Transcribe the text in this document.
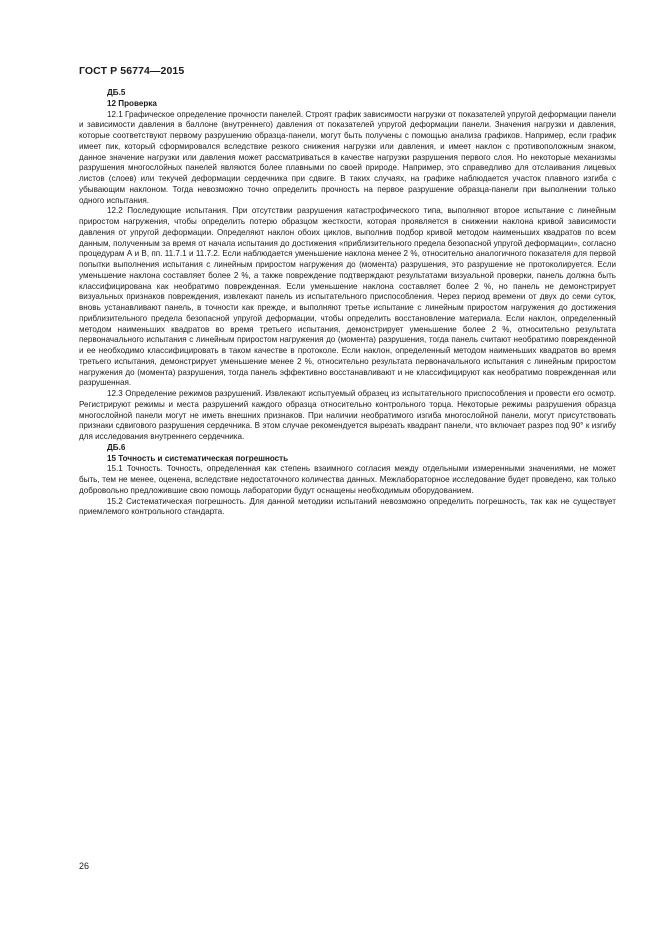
ГОСТ Р 56774—2015
ДБ.5
12 Проверка

12.1 Графическое определение прочности панелей. Строят график зависимости нагрузки от показателей упругой деформации панели и зависимости давления в баллоне (внутреннего) давления от показателей упругой деформации панели. Значения нагрузки и давления, которые соответствуют первому разрушению образца-панели, могут быть получены с помощью анализа графиков. Например, если график имеет пик, который сформировался вследствие резкого снижения нагрузки или давления, и имеет наклон с противоположным знаком, данное значение нагрузки или давления может рассматриваться в качестве нагрузки разрушения первого слоя. Но некоторые механизмы разрушения многослойных панелей являются более плавными по своей природе. Например, это справедливо для отслаивания лицевых листов (слоев) или текучей деформации сердечника при сдвиге. В таких случаях, на графике наблюдается участок плавного изгиба с убывающим наклоном. Тогда невозможно точно определить прочность на первое разрушение образца-панели при выполнении только одного испытания.

12.2 Последующие испытания. При отсутствии разрушения катастрофического типа, выполняют второе испытание с линейным приростом нагружения, чтобы определить потерю образцом жесткости, которая проявляется в снижении наклона кривой зависимости давления от упругой деформации. Определяют наклон обоих циклов, выполнив подбор кривой методом наименьших квадратов по всем данным, полученным за время от начала испытания до достижения «приблизительного предела безопасной упругой деформации», согласно процедурам А и В, пп. 11.7.1 и 11.7.2. Если наблюдается уменьшение наклона менее 2 %, относительно аналогичного показателя для первой попытки выполнения испытания с линейным приростом нагружения до (момента) разрушения, это разрушение не протоколируется. Если уменьшение наклона составляет более 2 %, а также повреждение подтверждают результатами визуальной проверки, панель должна быть классифицирована как необратимо поврежденная. Если уменьшение наклона составляет более 2 %, но панель не демонстрирует визуальных признаков повреждения, извлекают панель из испытательного приспособления. Через период времени от двух до семи суток, вновь устанавливают панель, в точности как прежде, и выполняют третье испытание с линейным приростом нагружения до достижения приблизительного предела безопасной упругой деформации, чтобы определить восстановление материала. Если наклон, определенный методом наименьших квадратов во время третьего испытания, демонстрирует уменьшение более 2 %, относительно результата первоначального испытания с линейным приростом нагружения до (момента) разрушения, тогда панель считают необратимо поврежденной и ее необходимо классифицировать в таком качестве в протоколе. Если наклон, определенный методом наименьших квадратов во время третьего испытания, демонстрирует уменьшение менее 2 %, относительно результата первоначального испытания с линейным приростом нагружения до (момента) разрушения, тогда панель эффективно восстанавливают и не классифицируют как необратимо поврежденная или разрушенная.

12.3 Определение режимов разрушений. Извлекают испытуемый образец из испытательного приспособления и провести его осмотр. Регистрируют режимы и места разрушений каждого образца относительно контрольного торца. Некоторые режимы разрушения образца многослойной панели могут не иметь внешних признаков. При наличии необратимого изгиба многослойной панели, могут присутствовать признаки сдвигового разрушения сердечника. В этом случае рекомендуется вырезать квадрант панели, что включает разрез под 90° к изгибу для исследования внутреннего сердечника.

ДБ.6
15 Точность и систематическая погрешность

15.1 Точность. Точность, определенная как степень взаимного согласия между отдельными измеренными значениями, не может быть, тем не менее, оценена, вследствие недостаточного количества данных. Межлабораторное исследование будет проведено, как только добровольно предложившие свою помощь лаборатории будут оснащены необходимым оборудованием.

15.2 Систематическая погрешность. Для данной методики испытаний невозможно определить погрешность, так как не существует приемлемого контрольного стандарта.

26
